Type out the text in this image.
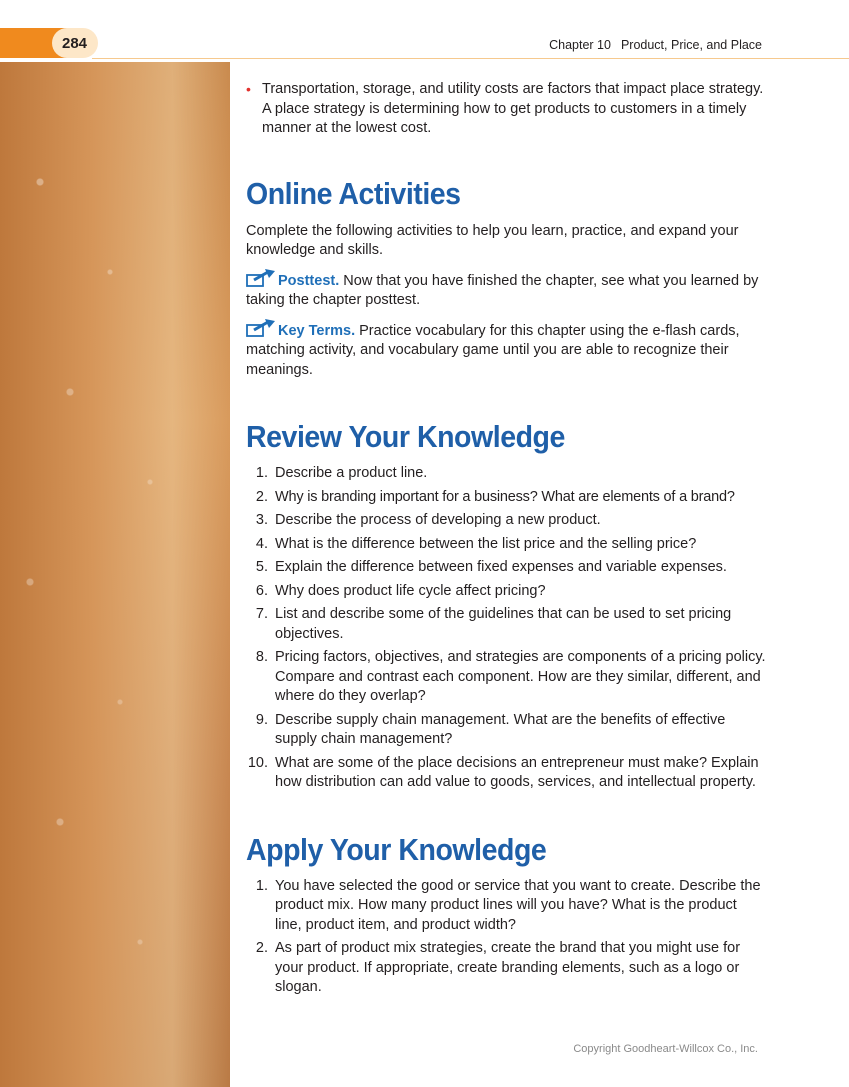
284	Chapter 10 Product, Price, and Place

• Transportation, storage, and utility costs are factors that impact place strategy. A place strategy is determining how to get products to customers in a timely manner at the lowest cost.

Online Activities

Complete the following activities to help you learn, practice, and expand your knowledge and skills.

Posttest. Now that you have finished the chapter, see what you learned by taking the chapter posttest.

Key Terms. Practice vocabulary for this chapter using the e-flash cards, matching activity, and vocabulary game until you are able to recognize their meanings.

Review Your Knowledge
1. Describe a product line.
2. Why is branding important for a business? What are elements of a brand?
3. Describe the process of developing a new product.
4. What is the difference between the list price and the selling price?
5. Explain the difference between fixed expenses and variable expenses.
6. Why does product life cycle affect pricing?
7. List and describe some of the guidelines that can be used to set pricing objectives.
8. Pricing factors, objectives, and strategies are components of a pricing policy. Compare and contrast each component. How are they similar, different, and where do they overlap?
9. Describe supply chain management. What are the benefits of effective supply chain management?
10. What are some of the place decisions an entrepreneur must make? Explain how distribution can add value to goods, services, and intellectual property.
Apply Your Knowledge
1. You have selected the good or service that you want to create. Describe the product mix. How many product lines will you have? What is the product line, product item, and product width?
2. As part of product mix strategies, create the brand that you might use for your product. If appropriate, create branding elements, such as a logo or slogan.
Copyright Goodheart-Willcox Co., Inc.
